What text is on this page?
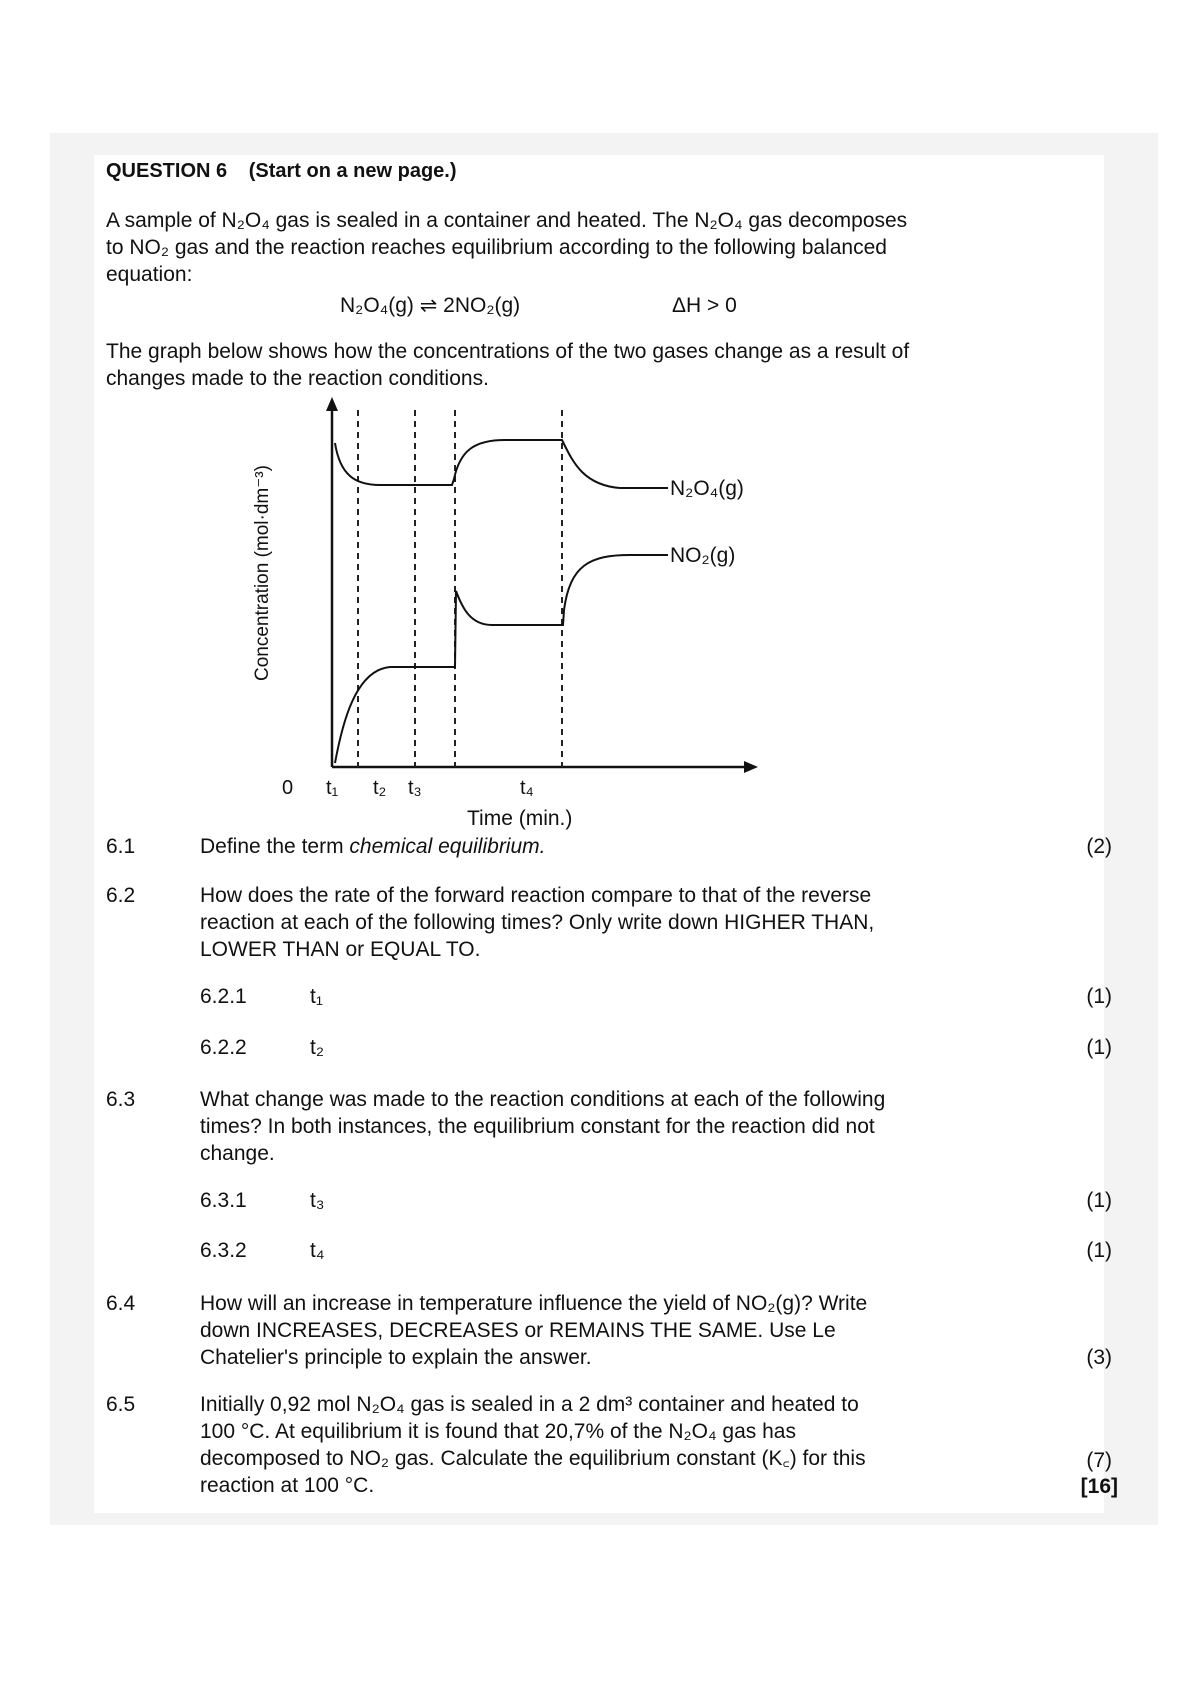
QUESTION 6 (Start on a new page.)
A sample of N₂O₄ gas is sealed in a container and heated. The N₂O₄ gas decomposes
to NO₂ gas and the reaction reaches equilibrium according to the following balanced
equation:
N₂O₄(g) ⇌ 2NO₂(g)	ΔH > 0
The graph below shows how the concentrations of the two gases change as a result of
changes made to the reaction conditions.
N₂O₄(g)
NO₂(g)
Concentration (mol·dm⁻³)
0 t₁ t₂ t₃	t₄
Time (min.)
6.1	Define the term chemical equilibrium.	(2)
6.2	How does the rate of the forward reaction compare to that of the reverse
reaction at each of the following times? Only write down HIGHER THAN,
LOWER THAN or EQUAL TO.
6.2.1	t₁	(1)
6.2.2	t₂	(1)
6.3	What change was made to the reaction conditions at each of the following
times? In both instances, the equilibrium constant for the reaction did not
change.
6.3.1	t₃	(1)
6.3.2	t₄	(1)
6.4	How will an increase in temperature influence the yield of NO₂(g)? Write
down INCREASES, DECREASES or REMAINS THE SAME. Use Le
Chatelier's principle to explain the answer.	(3)
6.5	Initially 0,92 mol N₂O₄ gas is sealed in a 2 dm³ container and heated to
100 °C. At equilibrium it is found that 20,7% of the N₂O₄ gas has
decomposed to NO₂ gas. Calculate the equilibrium constant (K꜀) for this
reaction at 100 °C.
(7)
[16]
